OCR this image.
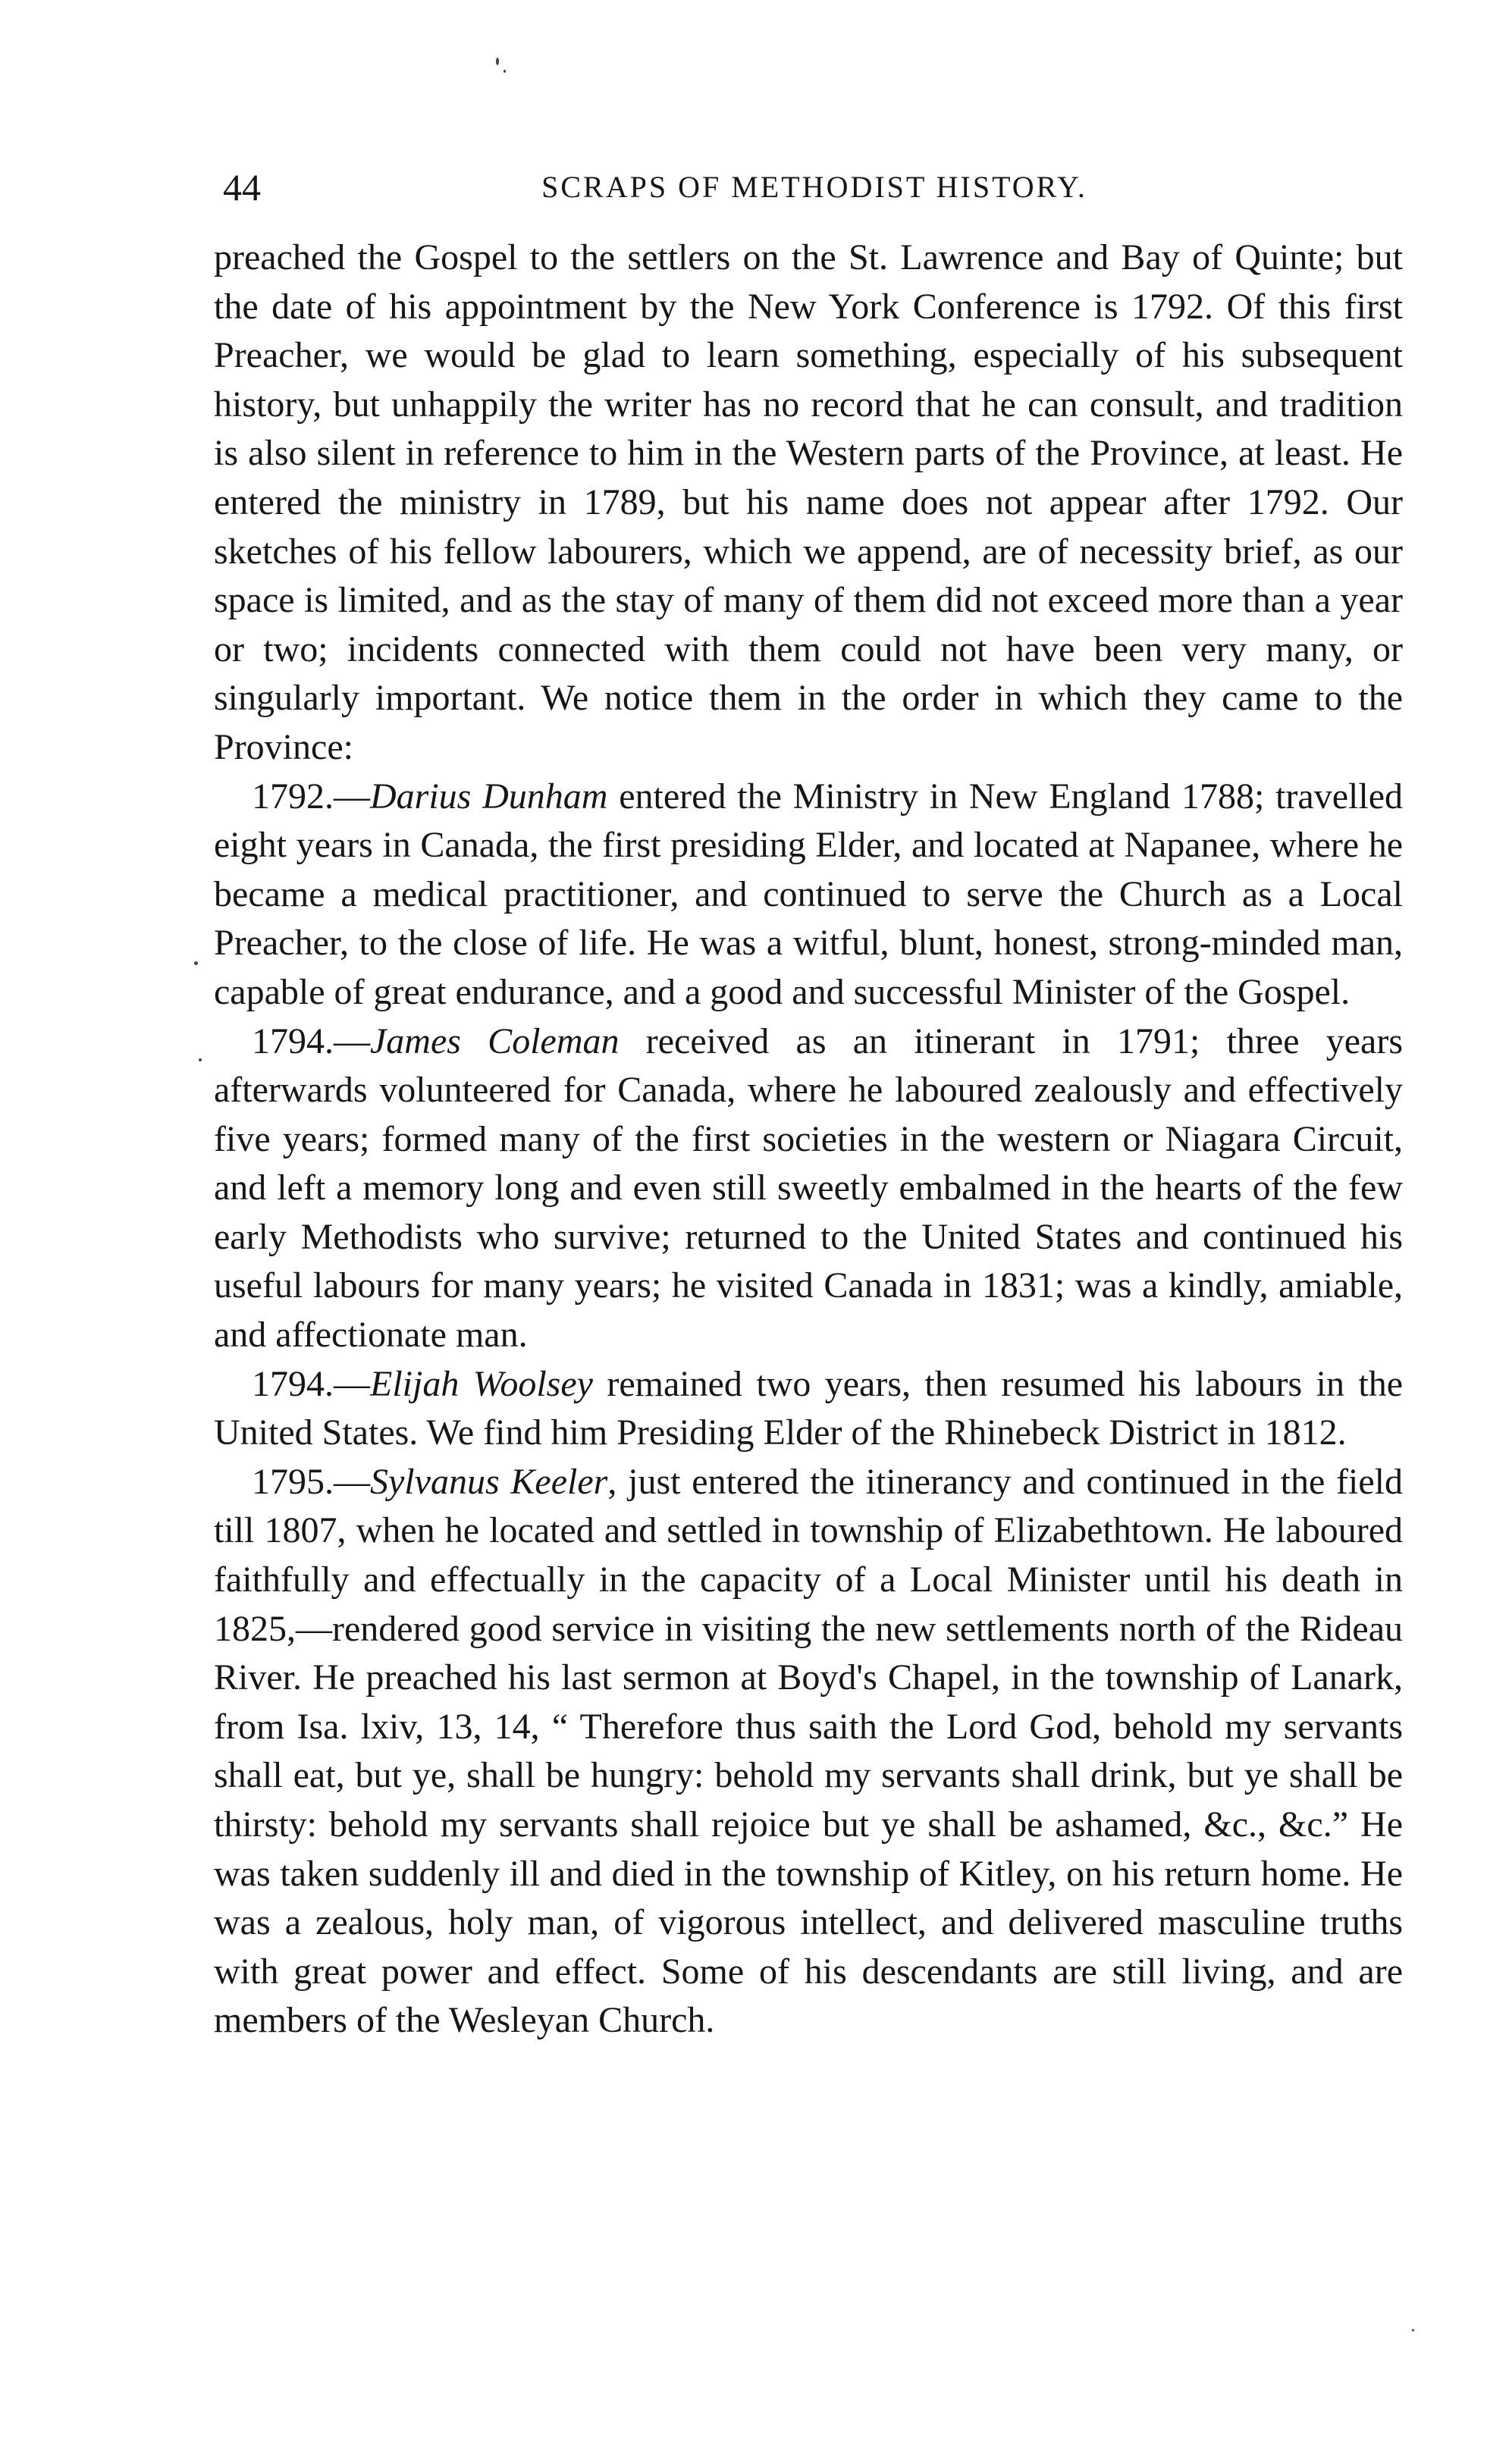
44	SCRAPS OF METHODIST HISTORY.

preached the Gospel to the settlers on the St. Lawrence and Bay of Quinte; but the date of his appointment by the New York Conference is 1792. Of this first Preacher, we would be glad to learn something, especially of his subsequent history, but unhappily the writer has no record that he can consult, and tradition is also silent in reference to him in the Western parts of the Province, at least. He entered the ministry in 1789, but his name does not appear after 1792. Our sketches of his fellow labourers, which we append, are of necessity brief, as our space is limited, and as the stay of many of them did not exceed more than a year or two; incidents connected with them could not have been very many, or singularly important. We notice them in the order in which they came to the Province:

1792.—Darius Dunham entered the Ministry in New England 1788; travelled eight years in Canada, the first presiding Elder, and located at Napanee, where he became a medical practitioner, and continued to serve the Church as a Local Preacher, to the close of life. He was a witful, blunt, honest, strong-minded man, capable of great endurance, and a good and successful Minister of the Gospel.

1794.—James Coleman received as an itinerant in 1791; three years afterwards volunteered for Canada, where he laboured zealously and effectively five years; formed many of the first societies in the western or Niagara Circuit, and left a memory long and even still sweetly embalmed in the hearts of the few early Methodists who survive; returned to the United States and continued his useful labours for many years; he visited Canada in 1831; was a kindly, amiable, and affectionate man.

1794.—Elijah Woolsey remained two years, then resumed his labours in the United States. We find him Presiding Elder of the Rhinebeck District in 1812.

1795.—Sylvanus Keeler, just entered the itinerancy and continued in the field till 1807, when he located and settled in township of Elizabethtown. He laboured faithfully and effectually in the capacity of a Local Minister until his death in 1825,—rendered good service in visiting the new settlements north of the Rideau River. He preached his last sermon at Boyd's Chapel, in the township of Lanark, from Isa. lxiv, 13, 14, “ Therefore thus saith the Lord God, behold my servants shall eat, but ye, shall be hungry: behold my servants shall drink, but ye shall be thirsty: behold my servants shall rejoice but ye shall be ashamed, &c., &c.” He was taken suddenly ill and died in the township of Kitley, on his return home. He was a zealous, holy man, of vigorous intellect, and delivered masculine truths with great power and effect. Some of his descendants are still living, and are members of the Wesleyan Church.
